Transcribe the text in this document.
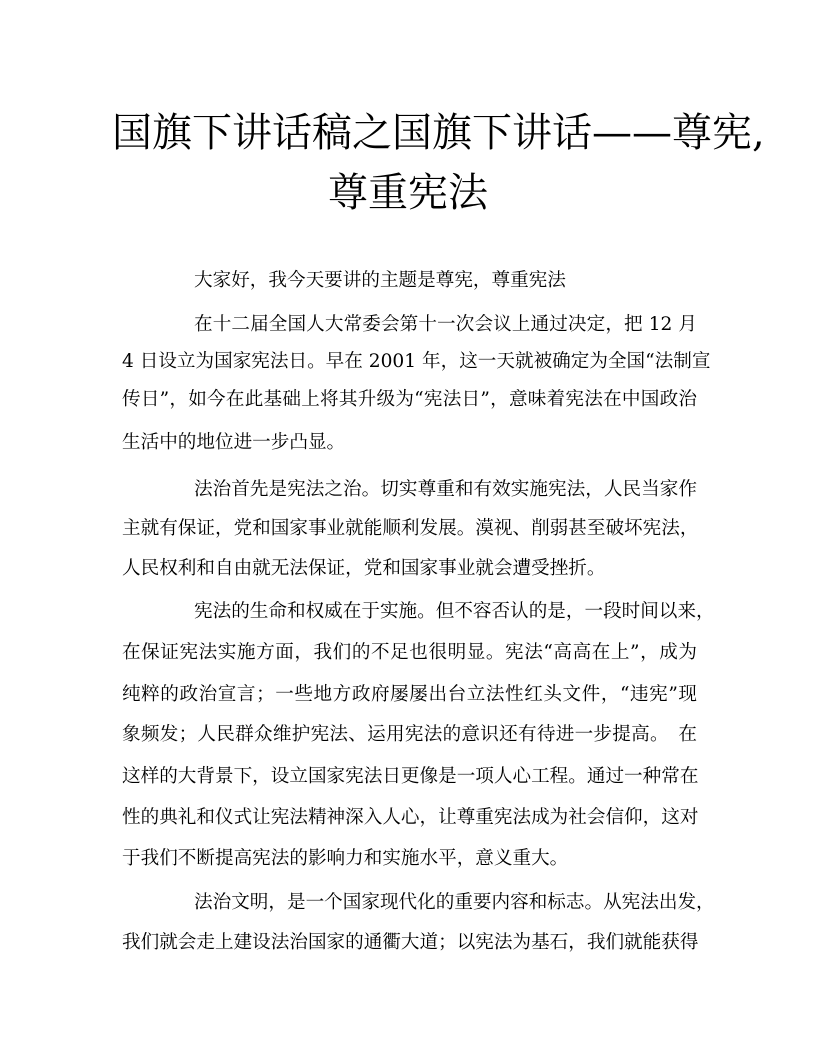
国旗下讲话稿之国旗下讲话——尊宪,
尊重宪法

大家好，我今天要讲的主题是尊宪，尊重宪法

在十二届全国人大常委会第十一次会议上通过决定，把 12 月

4 日设立为国家宪法日。早在 2001 年，这一天就被确定为全国“法制宣

传日”，如今在此基础上将其升级为“宪法日”，意味着宪法在中国政治

生活中的地位进一步凸显。

法治首先是宪法之治。切实尊重和有效实施宪法，人民当家作

主就有保证，党和国家事业就能顺利发展。漠视、削弱甚至破坏宪法，

人民权利和自由就无法保证，党和国家事业就会遭受挫折。

宪法的生命和权威在于实施。但不容否认的是，一段时间以来，

在保证宪法实施方面，我们的不足也很明显。宪法“高高在上”，成为

纯粹的政治宣言；一些地方政府屡屡出台立法性红头文件，“违宪”现

象频发；人民群众维护宪法、运用宪法的意识还有待进一步提高。　在

这样的大背景下，设立国家宪法日更像是一项人心工程。通过一种常在

性的典礼和仪式让宪法精神深入人心，让尊重宪法成为社会信仰，这对

于我们不断提高宪法的影响力和实施水平，意义重大。

法治文明，是一个国家现代化的重要内容和标志。从宪法出发，

我们就会走上建设法治国家的通衢大道；以宪法为基石，我们就能获得
